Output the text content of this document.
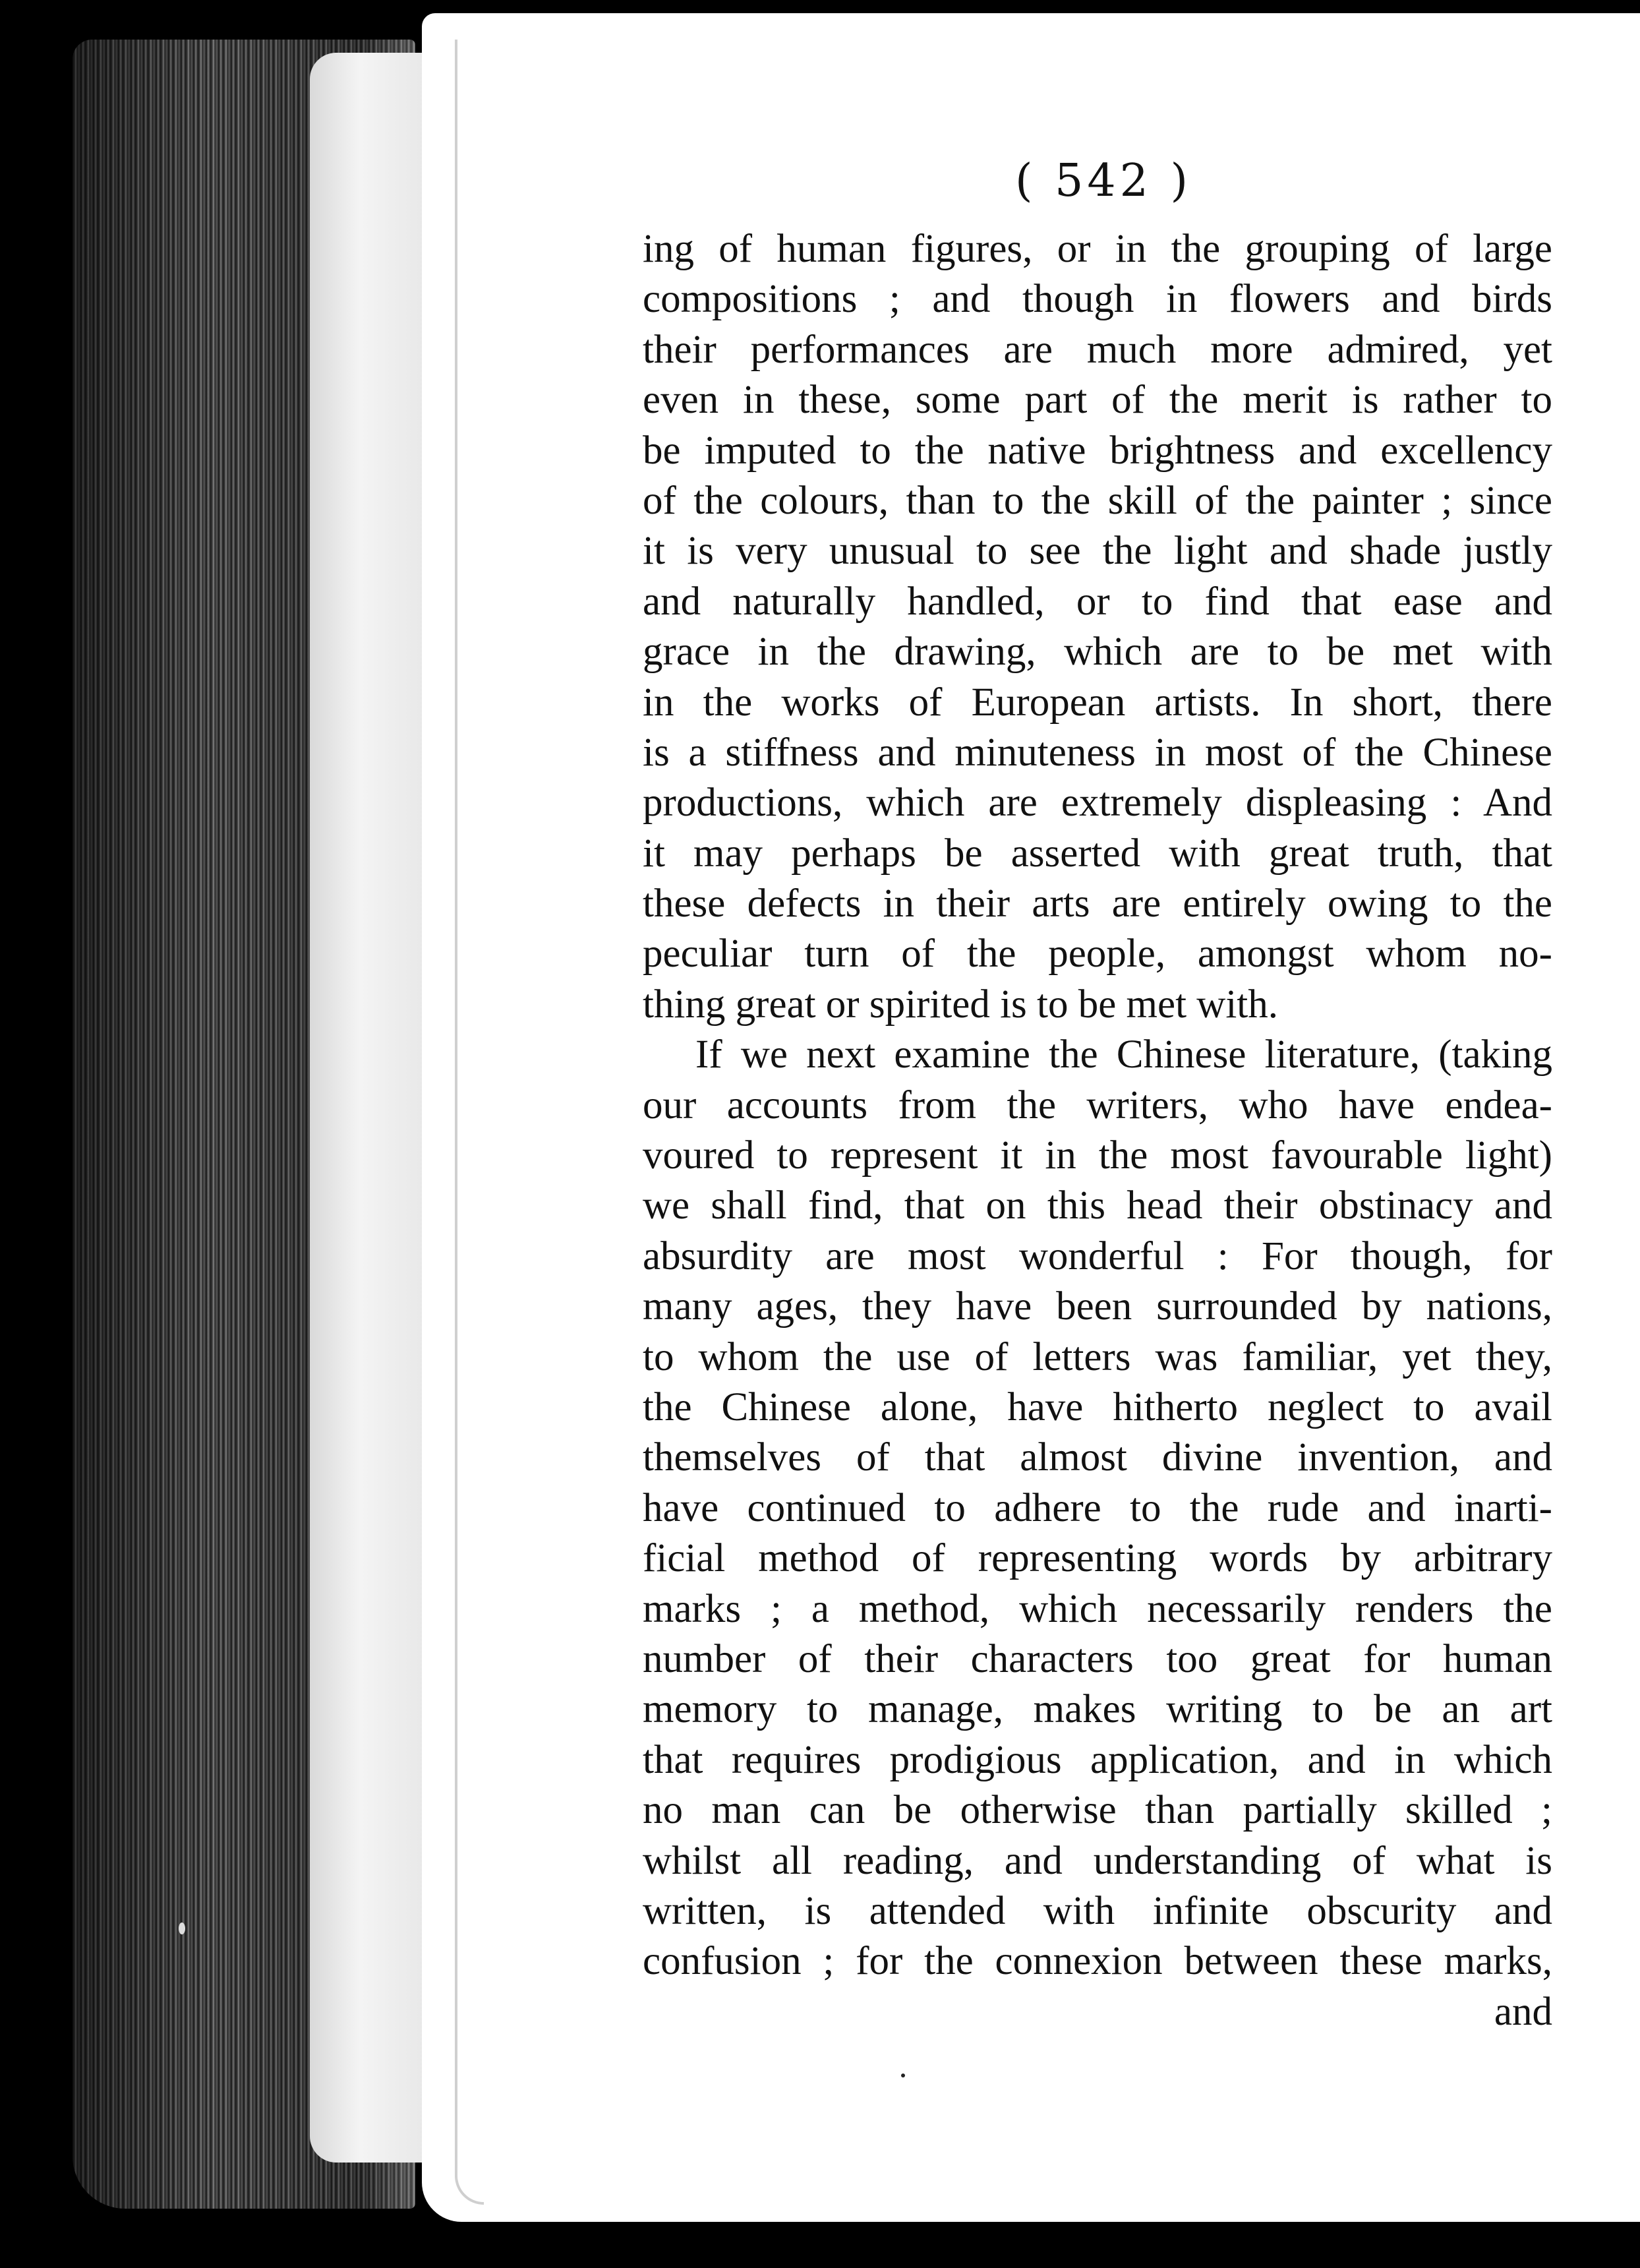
( 542 )
ing of human figures, or in the grouping of large
compositions ; and though in flowers and birds
their performances are much more admired, yet
even in these, some part of the merit is rather to
be imputed to the native brightness and excellency
of the colours, than to the skill of the painter ; since
it is very unusual to see the light and shade justly
and naturally handled, or to find that ease and
grace in the drawing, which are to be met with
in the works of European artists. In short, there
is a stiffness and minuteness in most of the Chinese
productions, which are extremely displeasing : And
it may perhaps be asserted with great truth, that
these defects in their arts are entirely owing to the
peculiar turn of the people, amongst whom no-
thing great or spirited is to be met with.
If we next examine the Chinese literature, (taking
our accounts from the writers, who have endea-
voured to represent it in the most favourable light)
we shall find, that on this head their obstinacy and
absurdity are most wonderful : For though, for
many ages, they have been surrounded by nations,
to whom the use of letters was familiar, yet they,
the Chinese alone, have hitherto neglect to avail
themselves of that almost divine invention, and
have continued to adhere to the rude and inarti-
ficial method of representing words by arbitrary
marks ; a method, which necessarily renders the
number of their characters too great for human
memory to manage, makes writing to be an art
that requires prodigious application, and in which
no man can be otherwise than partially skilled ;
whilst all reading, and understanding of what is
written, is attended with infinite obscurity and
confusion ; for the connexion between these marks,
and
